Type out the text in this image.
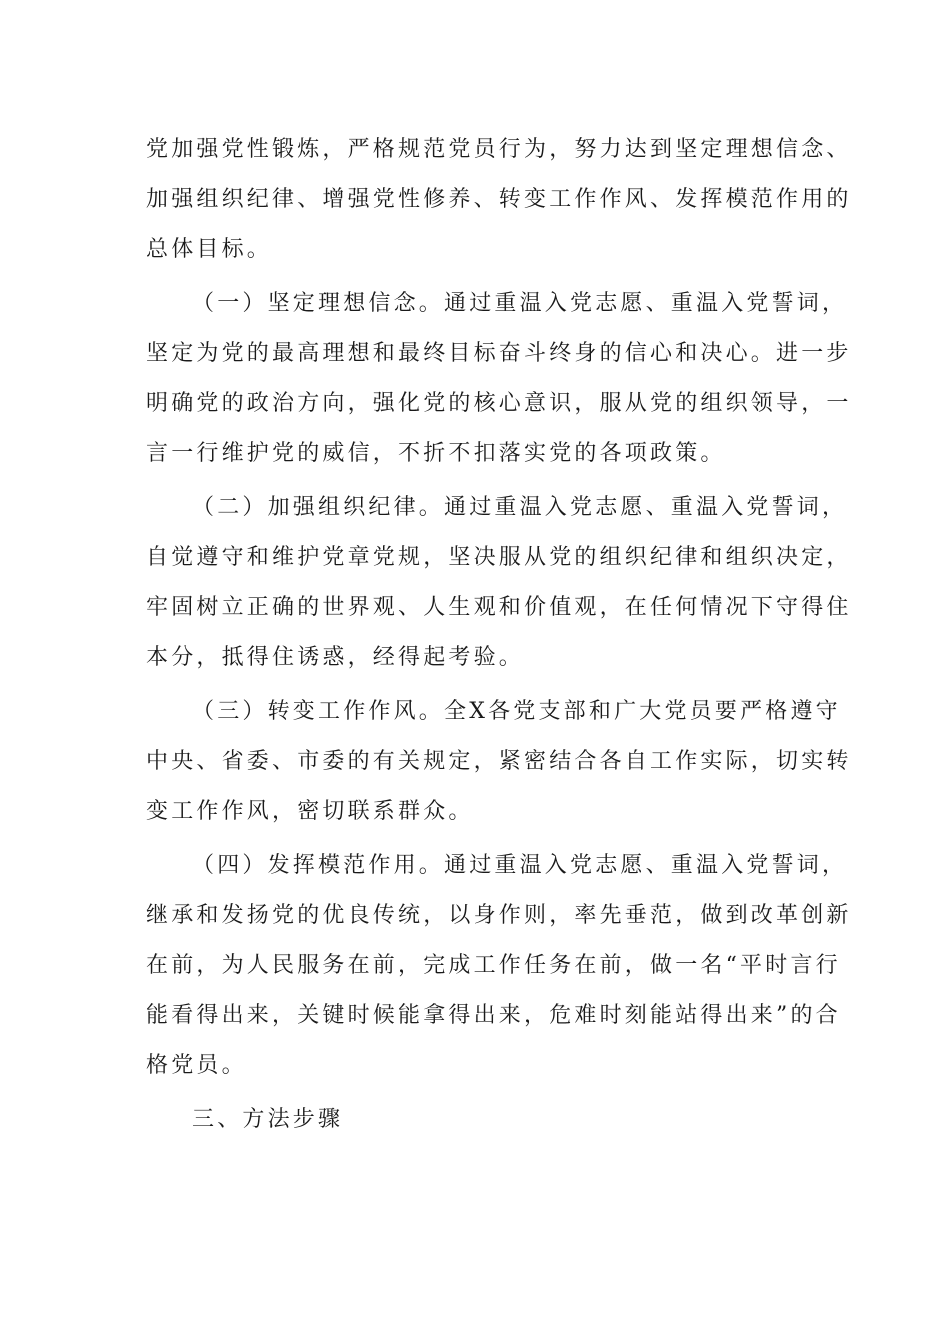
党加强党性锻炼，严格规范党员行为，努力达到坚定理想信念、
加强组织纪律、增强党性修养、转变工作作风、发挥模范作用的
总体目标。
（一）坚定理想信念。通过重温入党志愿、重温入党誓词，
坚定为党的最高理想和最终目标奋斗终身的信心和决心。进一步
明确党的政治方向，强化党的核心意识，服从党的组织领导，一
言一行维护党的威信，不折不扣落实党的各项政策。
（二）加强组织纪律。通过重温入党志愿、重温入党誓词，
自觉遵守和维护党章党规，坚决服从党的组织纪律和组织决定，
牢固树立正确的世界观、人生观和价值观，在任何情况下守得住
本分，抵得住诱惑，经得起考验。
（三）转变工作作风。全X各党支部和广大党员要严格遵守
中央、省委、市委的有关规定，紧密结合各自工作实际，切实转
变工作作风，密切联系群众。
（四）发挥模范作用。通过重温入党志愿、重温入党誓词，
继承和发扬党的优良传统，以身作则，率先垂范，做到改革创新
在前，为人民服务在前，完成工作任务在前，做一名“平时言行
能看得出来，关键时候能拿得出来，危难时刻能站得出来”的合
格党员。
三、方法步骤
